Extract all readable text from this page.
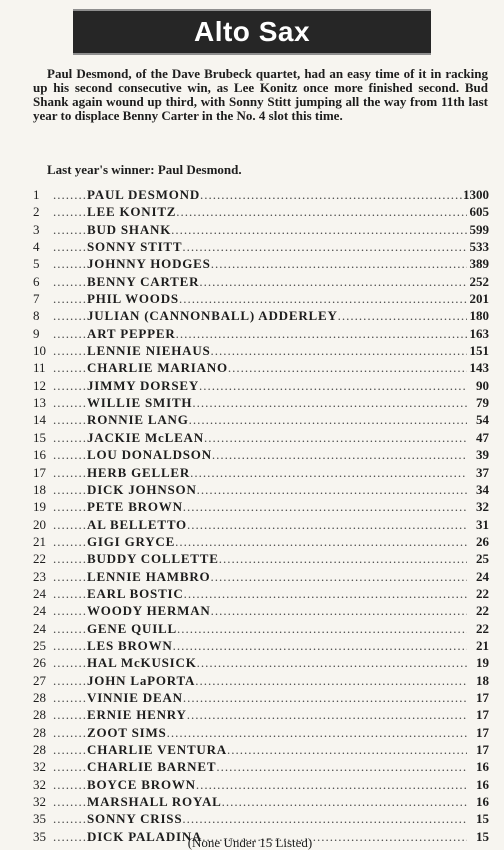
Alto Sax

Paul Desmond, of the Dave Brubeck quartet, had an easy time of it in racking up his second consecutive win, as Lee Konitz once more finished second. Bud Shank again wound up third, with Sonny Stitt jumping all the way from 11th last year to displace Benny Carter in the No. 4 slot this time.

Last year's winner: Paul Desmond.

1 .....	PAUL DESMOND .....	1300
2 .....	LEE KONITZ .....	605
3 .....	BUD SHANK .....	599
4 .....	SONNY STITT .....	533
5 .....	JOHNNY HODGES .....	389
6 .....	BENNY CARTER .....	252
7 .....	PHIL WOODS .....	201
8 .....	JULIAN (CANNONBALL) ADDERLEY .....	180
9 .....	ART PEPPER .....	163
10 .....	LENNIE NIEHAUS .....	151
11 .....	CHARLIE MARIANO .....	143
12 .....	JIMMY DORSEY .....	90
13 .....	WILLIE SMITH .....	79
14 .....	RONNIE LANG .....	54
15 .....	JACKIE McLEAN .....	47
16 .....	LOU DONALDSON .....	39
17 .....	HERB GELLER .....	37
18 .....	DICK JOHNSON .....	34
19 .....	PETE BROWN .....	32
20 .....	AL BELLETTO .....	31
21 .....	GIGI GRYCE .....	26
22 .....	BUDDY COLLETTE .....	25
23 .....	LENNIE HAMBRO .....	24
24 .....	EARL BOSTIC .....	22
24 .....	WOODY HERMAN .....	22
24 .....	GENE QUILL .....	22
25 .....	LES BROWN .....	21
26 .....	HAL McKUSICK .....	19
27 .....	JOHN LaPORTA .....	18
28 .....	VINNIE DEAN .....	17
28 .....	ERNIE HENRY .....	17
28 .....	ZOOT SIMS .....	17
28 .....	CHARLIE VENTURA .....	17
32 .....	CHARLIE BARNET .....	16
32 .....	BOYCE BROWN .....	16
32 .....	MARSHALL ROYAL .....	16
35 .....	SONNY CRISS .....	15
35 .....	DICK PALADINA .....	15
(None Under 15 Listed)
